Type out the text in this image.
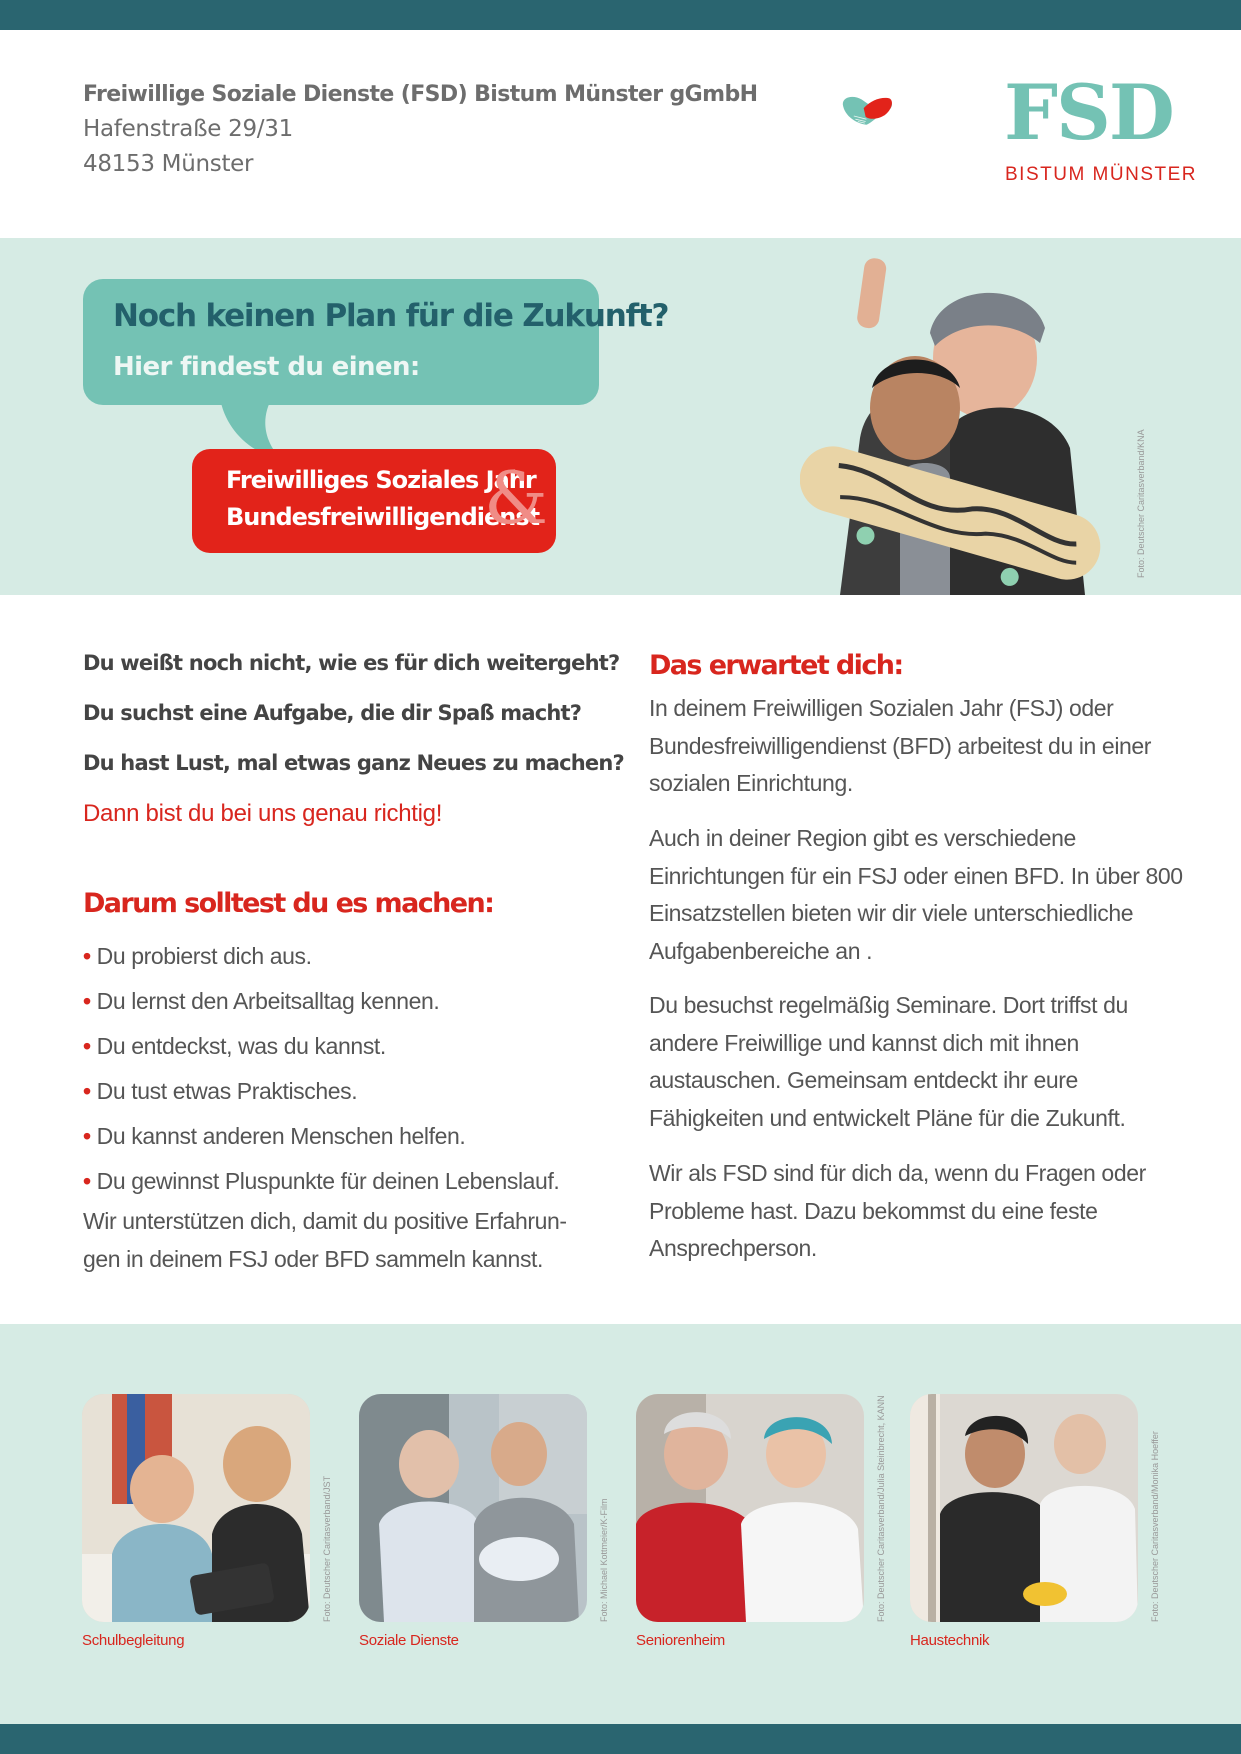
Freiwillige Soziale Dienste (FSD) Bistum Münster gGmbH
Hafenstraße 29/31
48153 Münster
FSD
BISTUM MÜNSTER
Foto: Deutscher Caritasverband/KNA
Noch keinen Plan für die Zukunft?
Hier findest du einen:
Freiwilliges Soziales Jahr
Bundesfreiwilligendienst
&
Du weißt noch nicht, wie es für dich weitergeht?
Du suchst eine Aufgabe, die dir Spaß macht?
Du hast Lust, mal etwas ganz Neues zu machen?
Dann bist du bei uns genau richtig!
Darum solltest du es machen:
• Du probierst dich aus.
• Du lernst den Arbeitsalltag kennen.
• Du entdeckst, was du kannst.
• Du tust etwas Praktisches.
• Du kannst anderen Menschen helfen.
• Du gewinnst Pluspunkte für deinen Lebenslauf.
Wir unterstützen dich, damit du positive Erfahrun-
gen in deinem FSJ oder BFD sammeln kannst.
Das erwartet dich:
In deinem Freiwilligen Sozialen Jahr (FSJ) oder
Bundesfreiwilligendienst (BFD) arbeitest du in einer
sozialen Einrichtung.
Auch in deiner Region gibt es verschiedene
Einrichtungen für ein FSJ oder einen BFD. In über 800
Einsatzstellen bieten wir dir viele unterschiedliche
Aufgabenbereiche an .
Du besuchst regelmäßig Seminare. Dort triffst du
andere Freiwillige und kannst dich mit ihnen
austauschen. Gemeinsam entdeckt ihr eure
Fähigkeiten und entwickelt Pläne für die Zukunft.
Wir als FSD sind für dich da, wenn du Fragen oder
Probleme hast. Dazu bekommst du eine feste
Ansprechperson.
Foto: Deutscher Caritasverband/JST
Schulbegleitung
Foto: Michael Kottmeier/K-Film
Soziale Dienste
Foto: Deutscher Caritasverband/Julia Steinbrecht, KANN
Seniorenheim
Foto: Deutscher Caritasverband/Monika Hoeffer
Haustechnik
